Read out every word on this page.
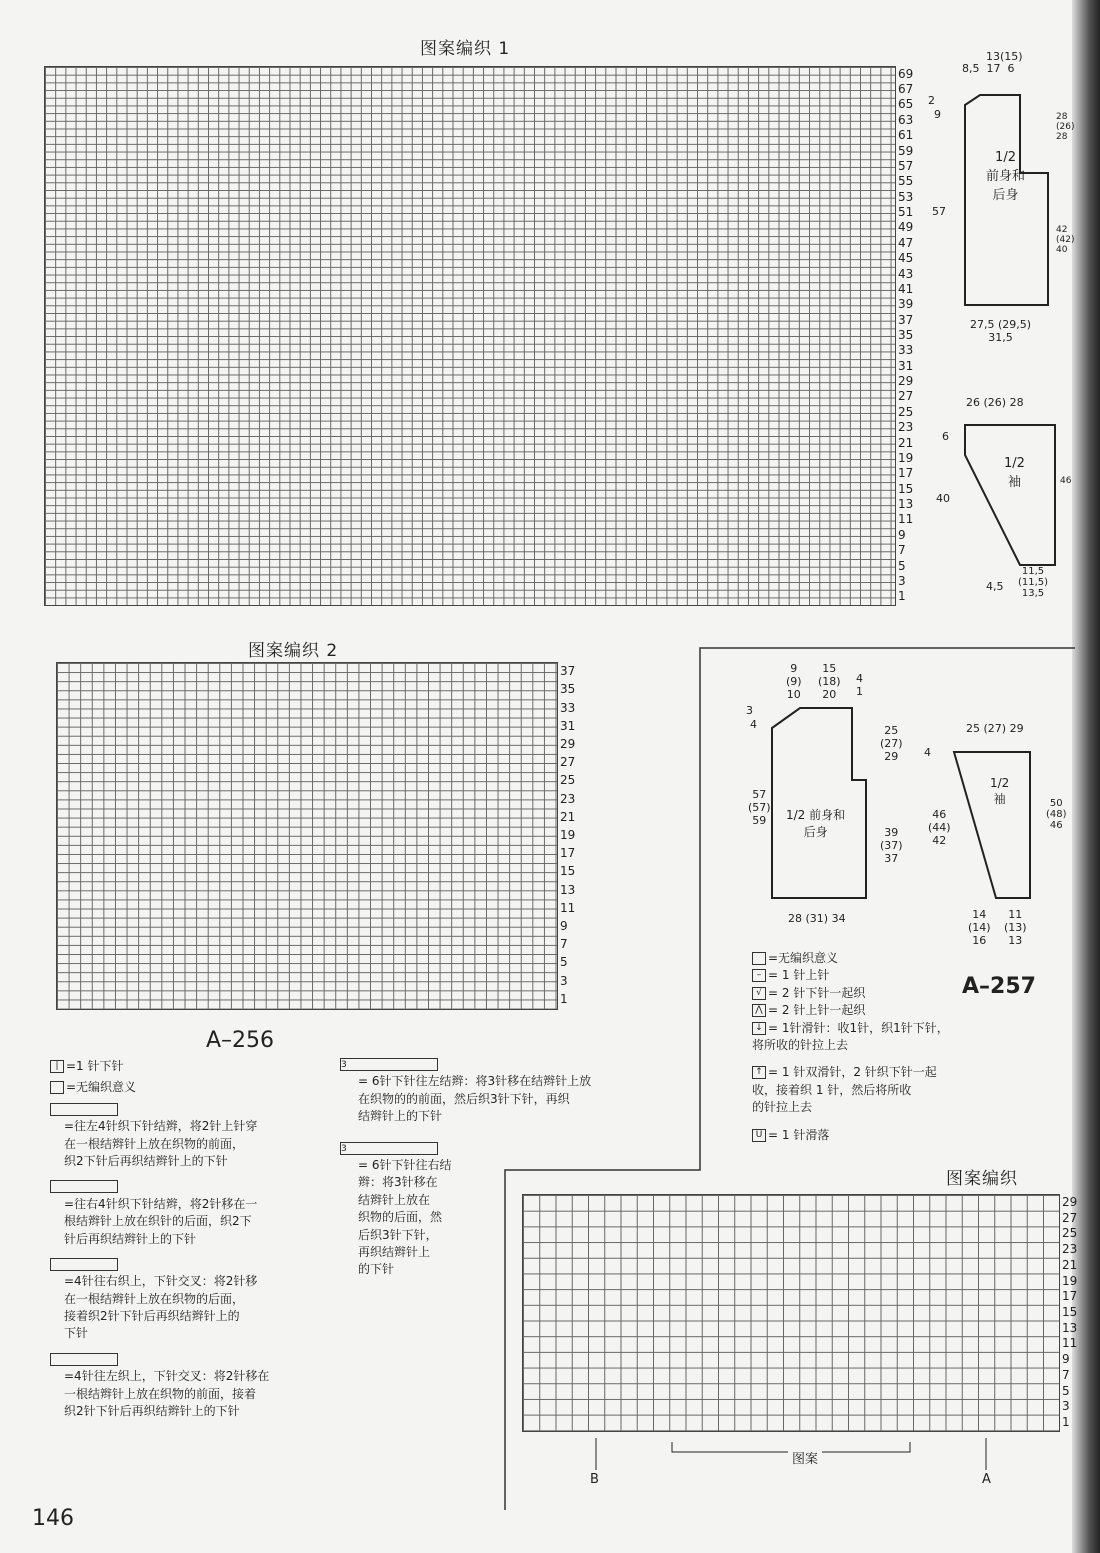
图案编织 1
69
67
65
63
61
59
57
55
53
51
49
47
45
43
41
39
37
35
33
31
29
27
25
23
21
19
17
15
13
11
9
7
5
3
1
8,5  17  6
13(15)
2
9
1/2
前身和
后身
57
28
(26)
28
42
(42)
40
27,5 (29,5)
31,5
26 (26) 28
6
1/2
袖
40
46
4,5
11,5
(11,5)
13,5
图案编织 2
37
35
33
31
29
27
25
23
21
19
17
15
13
11
9
7
5
3
1
A–256
| =1 针下针
=无编织意义

=往左4针织下针结辫，将2针上针穿
在一根结辫针上放在织物的前面，
织2下针后再织结辫针上的下针

=往右4针织下针结辫，将2针移在一
根结辫针上放在织针的后面，织2下
针后再织结辫针上的下针

=4针往右织上，下针交叉：将2针移
在一根结辫针上放在织物的后面，
接着织2针下针后再织结辫针上的
下针

=4针往左织上，下针交叉：将2针移在
一根结辫针上放在织物的前面，接着
织2针下针后再织结辫针上的下针
3
= 6针下针往左结辫：将3针移在结辫针上放
在织物的的前面，然后织3针下针，再织
结辫针上的下针
3
= 6针下针往右结
辫：将3针移在
结辫针上放在
织物的后面，然
后织3针下针，
再织结辫针上
的下针
9
(9)
10
15
(18)
20
4
1
3
4	25
(27)
29
57
(57)
59	1/2 前身和
后身	39
(37)
37
28 (31) 34
25 (27) 29
4
1/2
袖
46
(44)
42
50
(48)
46
14
(14)
16
11
(13)
13
A–257
=无编织意义
– = 1 针上针
√ = 2 针下针一起织
⋀ = 2 针上针一起织
↓ = 1针滑针：收1针，织1针下针，
将所收的针拉上去
↑ = 1 针双滑针，2 针织下针一起
收，接着织 1 针，然后将所收
的针拉上去
U = 1 针滑落
图案编织
29
27
25
23
21
19
17
15
13
11
9
7
5
3
1
B	A
图案
146
